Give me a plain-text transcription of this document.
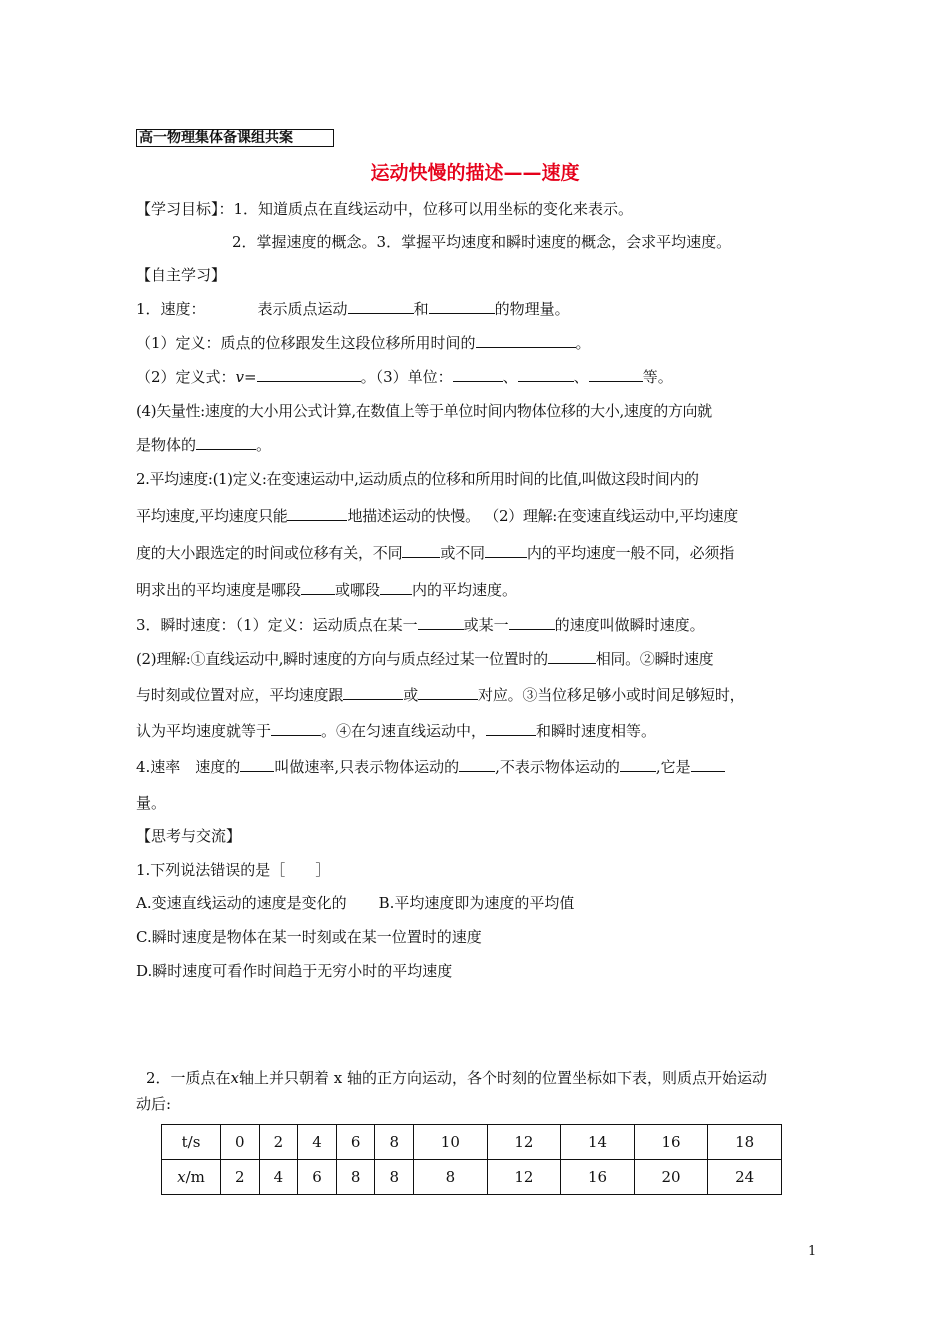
高一物理集体备课组共案
运动快慢的描述——速度
【学习目标】：1．知道质点在直线运动中，位移可以用坐标的变化来表示。
2．掌握速度的概念。3．掌握平均速度和瞬时速度的概念，会求平均速度。
【自主学习】
1．速度：	表示质点运动	和	的物理量。
（1）定义：质点的位移跟发生这段位移所用时间的	。
（2）定义式：v=	。（3）单位：	、	、	等。
(4)矢量性:速度的大小用公式计算,在数值上等于单位时间内物体位移的大小,速度的方向就
是物体的	。
2.平均速度:(1)定义:在变速运动中,运动质点的位移和所用时间的比值,叫做这段时间内的
平均速度,平均速度只能	地描述运动的快慢。 （2）理解:在变速直线运动中,平均速度
度的大小跟选定的时间或位移有关，不同	或不同	内的平均速度一般不同，必须指
明求出的平均速度是哪段 或哪段 内的平均速度。
3．瞬时速度：（1）定义：运动质点在某一	或某一	的速度叫做瞬时速度。
(2)理解:①直线运动中,瞬时速度的方向与质点经过某一位置时的	相同。②瞬时速度
与时刻或位置对应，平均速度跟	或	对应。③当位移足够小或时间足够短时，
认为平均速度就等于	。④在匀速直线运动中，	和瞬时速度相等。
4.速率　速度的 叫做速率,只表示物体运动的 ,不表示物体运动的 ,它是
量。
【思考与交流】
1.下列说法错误的是［　　］
A.变速直线运动的速度是变化的 B.平均速度即为速度的平均值
C.瞬时速度是物体在某一时刻或在某一位置时的速度
D.瞬时速度可看作时间趋于无穷小时的平均速度
2．一质点在x轴上并只朝着 x 轴的正方向运动，各个时刻的位置坐标如下表，则质点开始运动
动后:
t/s	0	2	4	6	8	10	12	14	16	18
x/m	2	4	6	8	8	8	12	16	20	24
1
